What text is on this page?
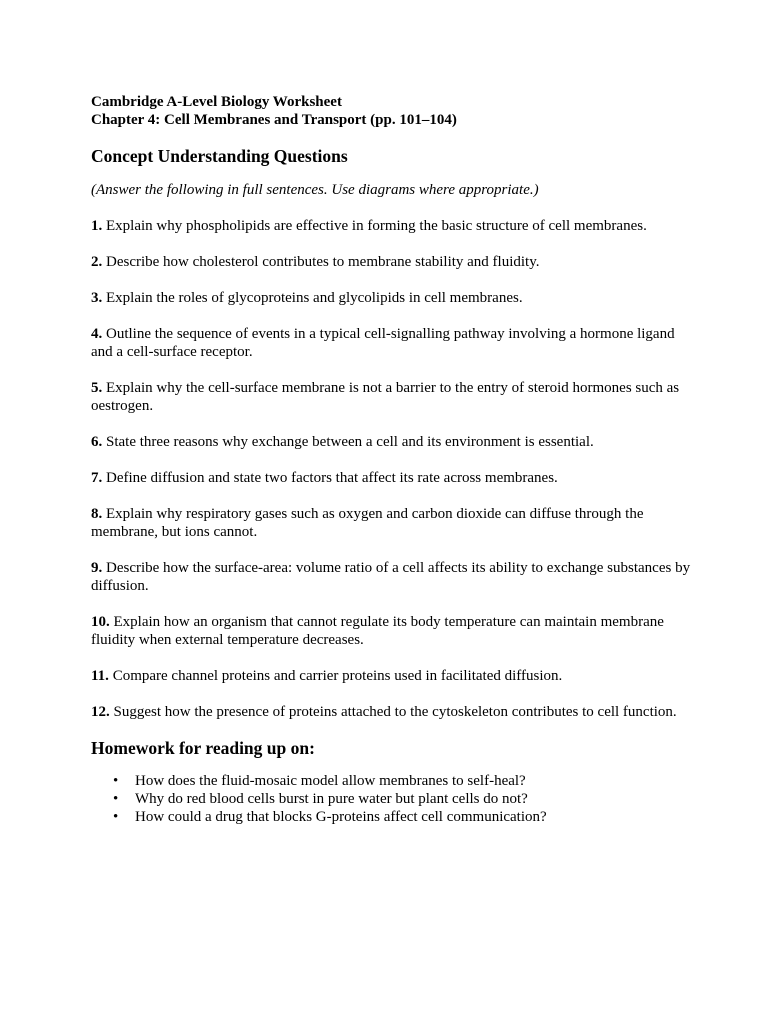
Cambridge A-Level Biology Worksheet

Chapter 4: Cell Membranes and Transport (pp. 101–104)

Concept Understanding Questions

(Answer the following in full sentences. Use diagrams where appropriate.)

1. Explain why phospholipids are effective in forming the basic structure of cell membranes.
2. Describe how cholesterol contributes to membrane stability and fluidity.
3. Explain the roles of glycoproteins and glycolipids in cell membranes.
4. Outline the sequence of events in a typical cell-signalling pathway involving a hormone ligand and a cell-surface receptor.
5. Explain why the cell-surface membrane is not a barrier to the entry of steroid hormones such as oestrogen.
6. State three reasons why exchange between a cell and its environment is essential.
7. Define diffusion and state two factors that affect its rate across membranes.
8. Explain why respiratory gases such as oxygen and carbon dioxide can diffuse through the membrane, but ions cannot.
9. Describe how the surface-area: volume ratio of a cell affects its ability to exchange substances by diffusion.
10. Explain how an organism that cannot regulate its body temperature can maintain membrane fluidity when external temperature decreases.
11. Compare channel proteins and carrier proteins used in facilitated diffusion.
12. Suggest how the presence of proteins attached to the cytoskeleton contributes to cell function.
Homework for reading up on:
• How does the fluid-mosaic model allow membranes to self-heal?
• Why do red blood cells burst in pure water but plant cells do not?
• How could a drug that blocks G-proteins affect cell communication?
